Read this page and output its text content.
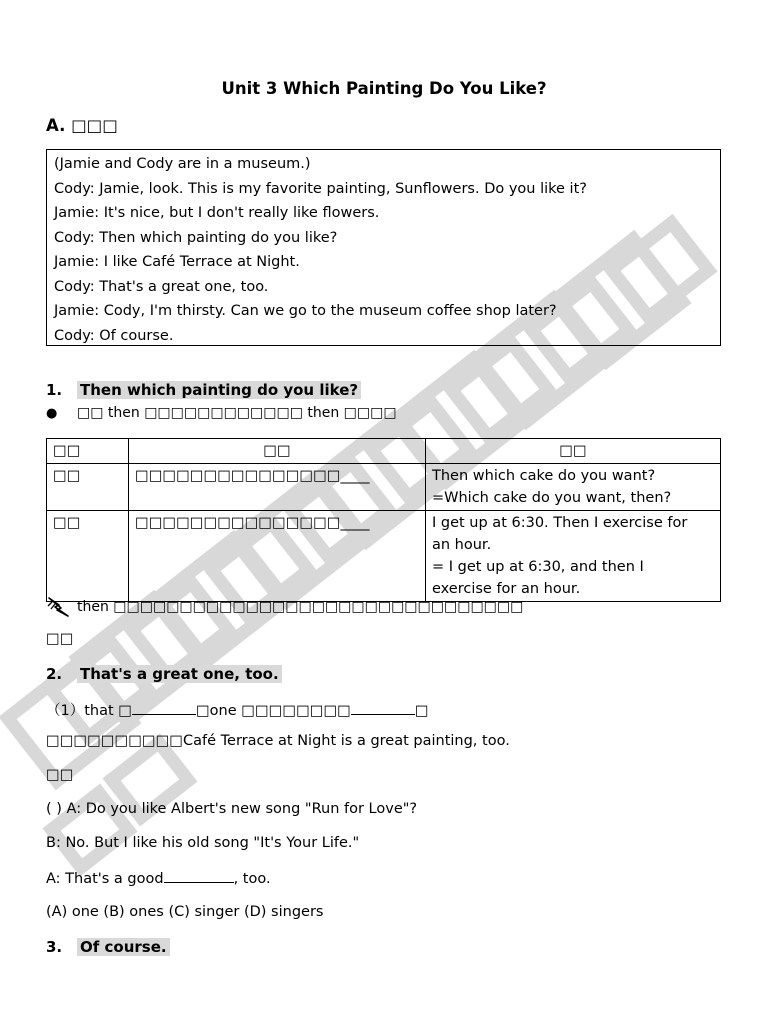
Unit 3 Which Painting Do You Like?
A. □□□
(Jamie and Cody are in a museum.)
Cody: Jamie, look. This is my favorite painting, Sunflowers. Do you like it?
Jamie: It's nice, but I don't really like flowers.
Cody: Then which painting do you like?
Jamie: I like Café Terrace at Night.
Cody: That's a great one, too.
Jamie: Cody, I'm thirsty. Can we go to the museum coffee shop later?
Cody: Of course.
1. Then which painting do you like?
● □□ then □□□□□□□□□□□□ then □□□□
□□	□□	□□
□□	□□□□□□□□□□□□□□□____	Then which cake do you want?
=Which cake do you want, then?

□□	□□□□□□□□□□□□□□□____	I get up at 6:30. Then I exercise for
an hour.
= I get up at 6:30, and then I
exercise for an hour.
then □□□□□□□□□□□□□□□□□□□□□□□□□□□□□□□
□□
2. That's a great one, too.
（1）that □	□one □□□□□□□□	□
□□□□□□□□□□Café Terrace at Night is a great painting, too.
□□
( ) A: Do you like Albert's new song "Run for Love"?
B: No. But I like his old song "It's Your Life."
A: That's a good	, too.
(A) one (B) ones (C) singer (D) singers
3. Of course.
